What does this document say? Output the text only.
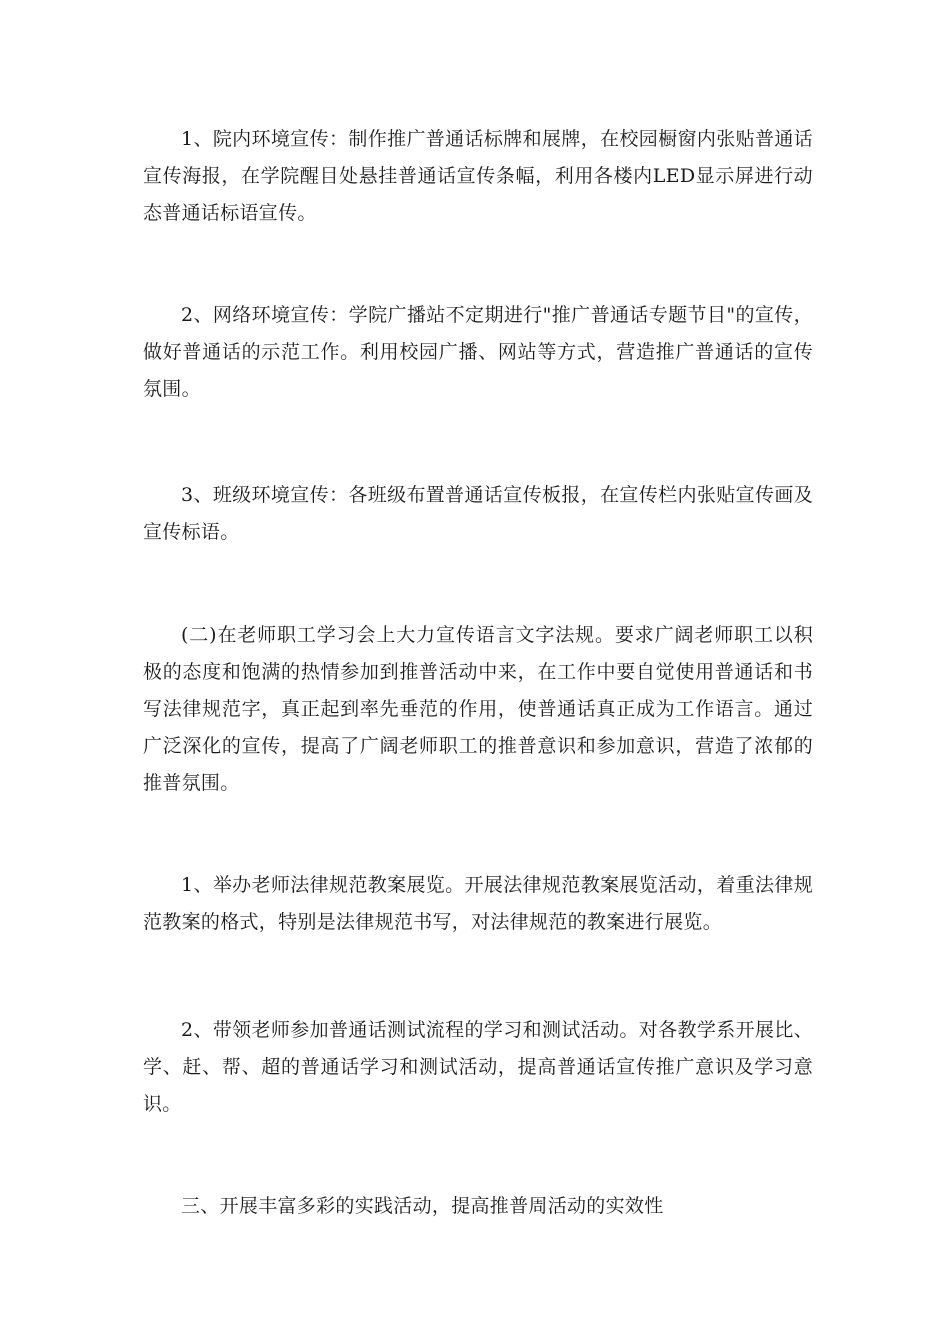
1、院内环境宣传：制作推广普通话标牌和展牌，在校园橱窗内张贴普通话宣传海报，在学院醒目处悬挂普通话宣传条幅，利用各楼内LED显示屏进行动态普通话标语宣传。

2、网络环境宣传：学院广播站不定期进行"推广普通话专题节目"的宣传，做好普通话的示范工作。利用校园广播、网站等方式，营造推广普通话的宣传氛围。

3、班级环境宣传：各班级布置普通话宣传板报，在宣传栏内张贴宣传画及宣传标语。

(二)在老师职工学习会上大力宣传语言文字法规。要求广阔老师职工以积极的态度和饱满的热情参加到推普活动中来，在工作中要自觉使用普通话和书写法律规范字，真正起到率先垂范的作用，使普通话真正成为工作语言。通过广泛深化的宣传，提高了广阔老师职工的推普意识和参加意识，营造了浓郁的推普氛围。

1、举办老师法律规范教案展览。开展法律规范教案展览活动，着重法律规范教案的格式，特别是法律规范书写，对法律规范的教案进行展览。

2、带领老师参加普通话测试流程的学习和测试活动。对各教学系开展比、学、赶、帮、超的普通话学习和测试活动，提高普通话宣传推广意识及学习意识。

三、开展丰富多彩的实践活动，提高推普周活动的实效性
